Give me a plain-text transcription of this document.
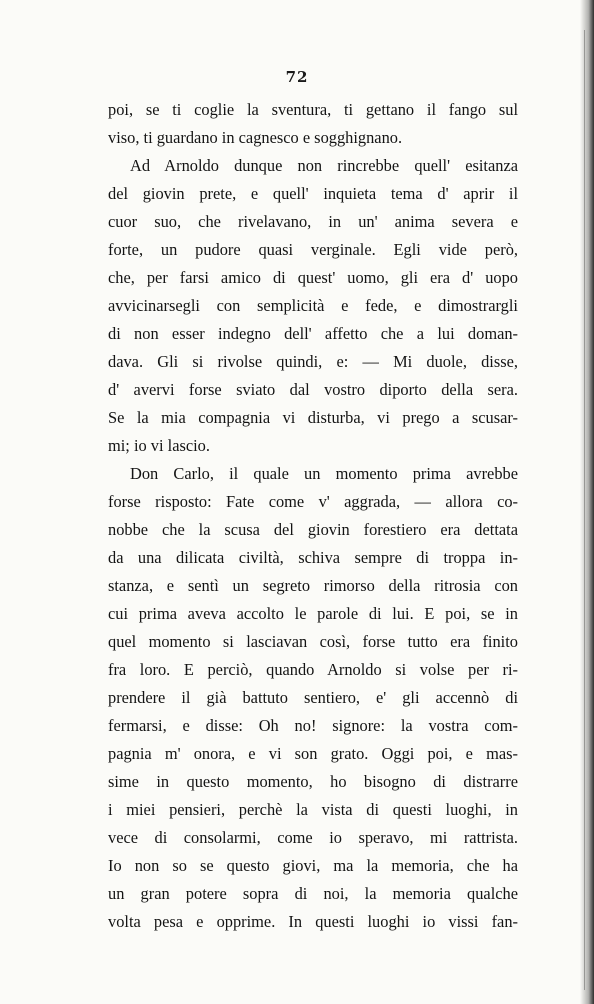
72
poi, se ti coglie la sventura, ti gettano il fango sul
viso, ti guardano in cagnesco e sogghignano.
Ad Arnoldo dunque non rincrebbe quell' esitanza
del giovin prete, e quell' inquieta tema d' aprir il
cuor suo, che rivelavano, in un' anima severa e
forte, un pudore quasi verginale. Egli vide però,
che, per farsi amico di quest' uomo, gli era d' uopo
avvicinarsegli con semplicità e fede, e dimostrargli
di non esser indegno dell' affetto che a lui doman-
dava. Gli si rivolse quindi, e: — Mi duole, disse,
d' avervi forse sviato dal vostro diporto della sera.
Se la mia compagnia vi disturba, vi prego a scusar-
mi; io vi lascio.
Don Carlo, il quale un momento prima avrebbe
forse risposto: Fate come v' aggrada, — allora co-
nobbe che la scusa del giovin forestiero era dettata
da una dilicata civiltà, schiva sempre di troppa in-
stanza, e sentì un segreto rimorso della ritrosia con
cui prima aveva accolto le parole di lui. E poi, se in
quel momento si lasciavan così, forse tutto era finito
fra loro. E perciò, quando Arnoldo si volse per ri-
prendere il già battuto sentiero, e' gli accennò di
fermarsi, e disse: Oh no! signore: la vostra com-
pagnia m' onora, e vi son grato. Oggi poi, e mas-
sime in questo momento, ho bisogno di distrarre
i miei pensieri, perchè la vista di questi luoghi, in
vece di consolarmi, come io speravo, mi rattrista.
Io non so se questo giovi, ma la memoria, che ha
un gran potere sopra di noi, la memoria qualche
volta pesa e opprime. In questi luoghi io vissi fan-
